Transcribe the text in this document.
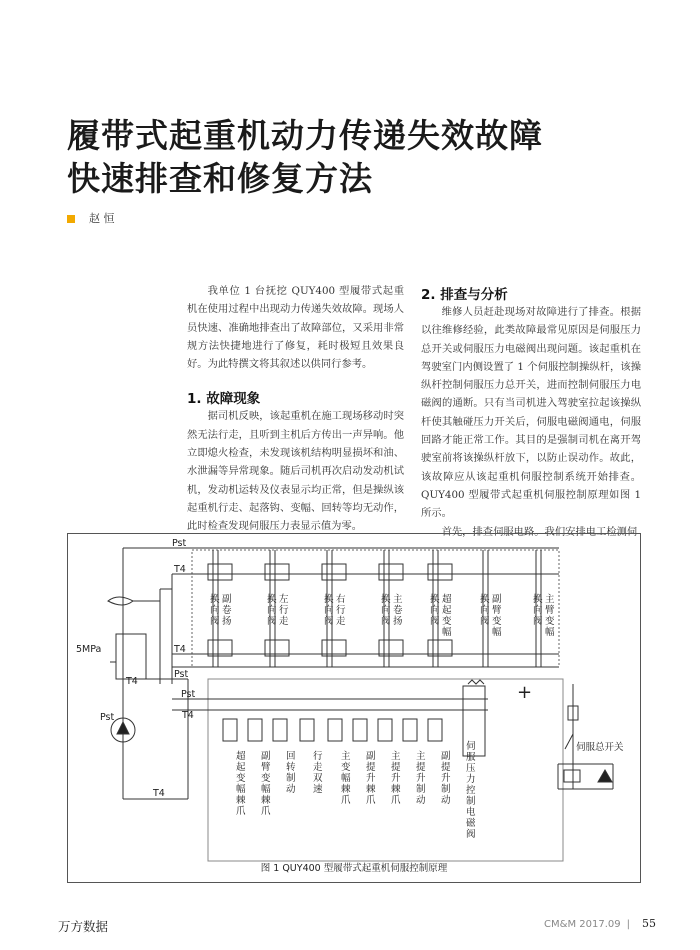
履带式起重机动力传递失效故障
快速排查和修复方法
赵 恒

我单位 1 台抚挖 QUY400 型履带式起重机在使用过程中出现动力传递失效故障。现场人员快速、准确地排查出了故障部位，又采用非常规方法快捷地进行了修复，耗时极短且效果良好。为此特撰文将其叙述以供同行参考。

1. 故障现象

据司机反映，该起重机在施工现场移动时突然无法行走，且听到主机后方传出一声异响。他立即熄火检查，未发现该机结构明显损坏和油、水泄漏等异常现象。随后司机再次启动发动机试机，发动机运转及仪表显示均正常，但是操纵该起重机行走、起落钩、变幅、回转等均无动作，此时检查发现伺服压力表显示值为零。

2. 排查与分析

维修人员赶赴现场对故障进行了排查。根据以往维修经验，此类故障最常见原因是伺服压力总开关或伺服压力电磁阀出现问题。该起重机在驾驶室门内侧设置了 1 个伺服控制操纵杆，该操纵杆控制伺服压力总开关，进而控制伺服压力电磁阀的通断。只有当司机进入驾驶室拉起该操纵杆使其触碰压力开关后，伺服电磁阀通电，伺服回路才能正常工作。其目的是强制司机在离开驾驶室前将该操纵杆放下，以防止误动作。故此，该故障应从该起重机伺服控制系统开始排查。QUY400 型履带式起重机伺服控制原理如图 1 所示。

首先，排查伺服电路。我们安排电工检测伺

Pst
T4
T4
Pst
Pst
T4
T4
5MPa
Pst
T4
+
伺服总开关
换向阀副卷扬
换向阀左行走
换向阀右行走
换向阀主卷扬
换向阀超起变幅
换向阀副臂变幅
换向阀主臂变幅
超起变幅棘爪
副臂变幅棘爪
回转制动
行走双速
主变幅棘爪
副提升棘爪
主提升棘爪
主提升制动
副提升制动
伺服压力控制电磁阀
图 1 QUY400 型履带式起重机伺服控制原理
万方数据	CM&M 2017.09 | 55
